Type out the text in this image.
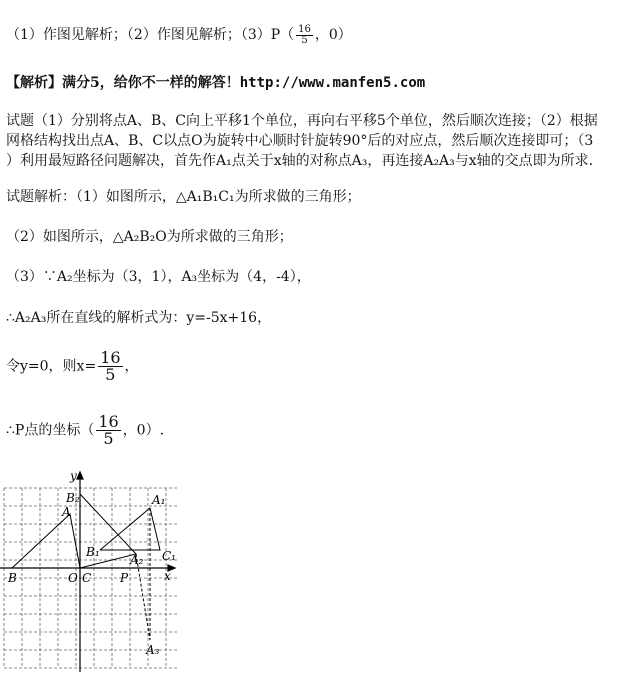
（1）作图见解析；（2）作图见解析；$(3)P( \frac{16}{5}$ ，0）
【解析】满分5，给你不一样的解答！http://www.manfen5.com
试题（1）分别将点A、B、C向上平移1个单位，再向右平移5个单位，然后顺次连接；（2）根据
网格结构找出点A、B、C以点O为旋转中心顺时针旋转90°后的对应点，然后顺次连接即可；（3
）利用最短路径问题解决，首先作A₁点关于x轴的对称点A₃，再连接A₂A₃与x轴的交点即为所求.
试题解析：（1）如图所示，△A₁B₁C₁为所求做的三角形；
（2）如图所示，△A₂B₂O为所求做的三角形；
（3）∵A₂坐标为（3，1），A₃坐标为（4，-4），
∴A₂A₃所在直线的解析式为：y=-5x+16，
令y=0，则$x= \frac{16}{5}$ ，
∴P点的坐标（ $\frac{16}{5}$ ，0）.
y
x
B₂	A₁
A
B₁	C₁
A₂
B	O C P
A₃
